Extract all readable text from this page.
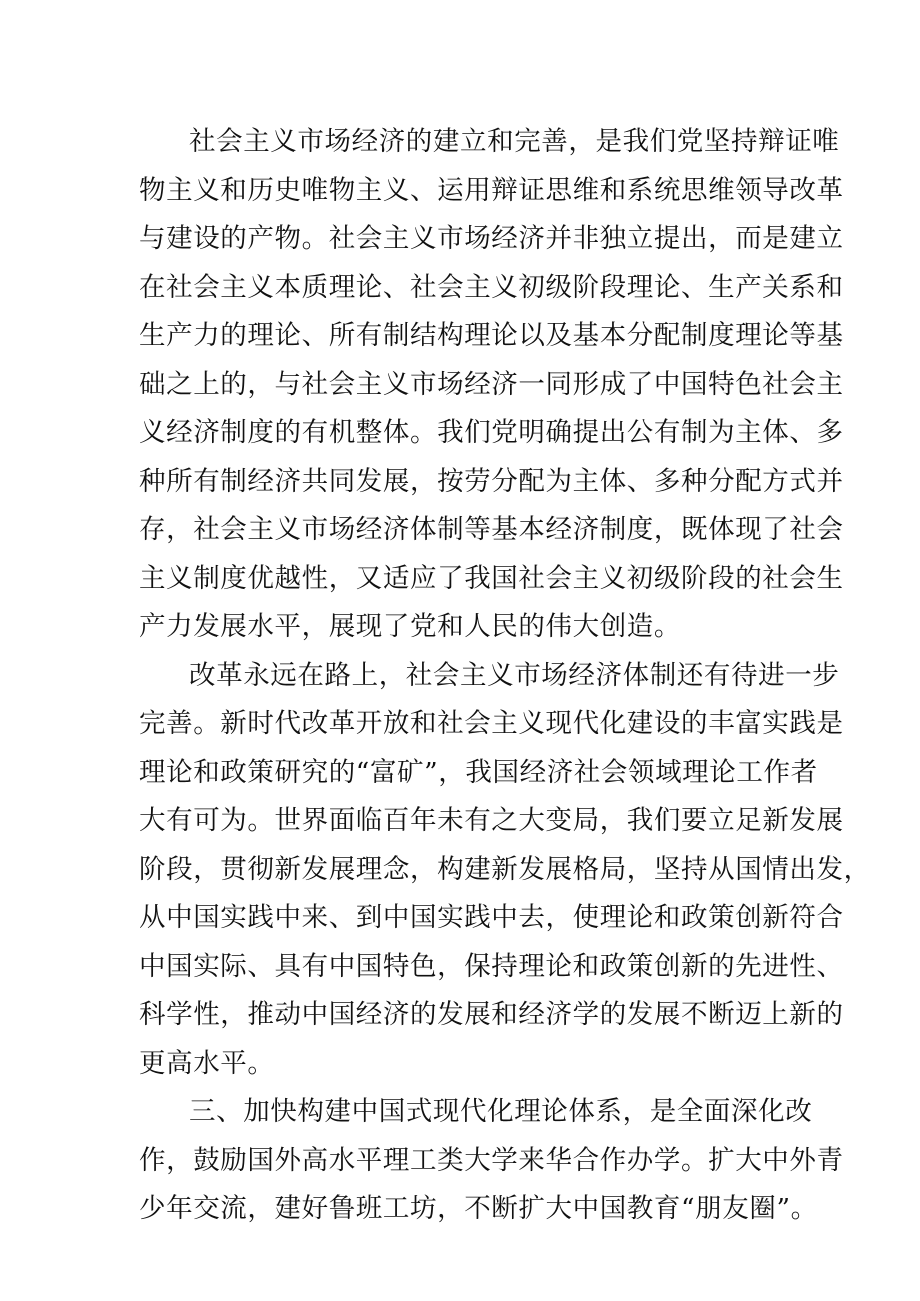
社会主义市场经济的建立和完善，是我们党坚持辩证唯
物主义和历史唯物主义、运用辩证思维和系统思维领导改革
与建设的产物。社会主义市场经济并非独立提出，而是建立
在社会主义本质理论、社会主义初级阶段理论、生产关系和
生产力的理论、所有制结构理论以及基本分配制度理论等基
础之上的，与社会主义市场经济一同形成了中国特色社会主
义经济制度的有机整体。我们党明确提出公有制为主体、多
种所有制经济共同发展，按劳分配为主体、多种分配方式并
存，社会主义市场经济体制等基本经济制度，既体现了社会
主义制度优越性，又适应了我国社会主义初级阶段的社会生
产力发展水平，展现了党和人民的伟大创造。

改革永远在路上，社会主义市场经济体制还有待进一步
完善。新时代改革开放和社会主义现代化建设的丰富实践是
理论和政策研究的“富矿”，我国经济社会领域理论工作者
大有可为。世界面临百年未有之大变局，我们要立足新发展
阶段，贯彻新发展理念，构建新发展格局，坚持从国情出发，
从中国实践中来、到中国实践中去，使理论和政策创新符合
中国实际、具有中国特色，保持理论和政策创新的先进性、
科学性，推动中国经济的发展和经济学的发展不断迈上新的
更高水平。

三、加快构建中国式现代化理论体系，是全面深化改
作，鼓励国外高水平理工类大学来华合作办学。扩大中外青
少年交流，建好鲁班工坊，不断扩大中国教育“朋友圈”。
